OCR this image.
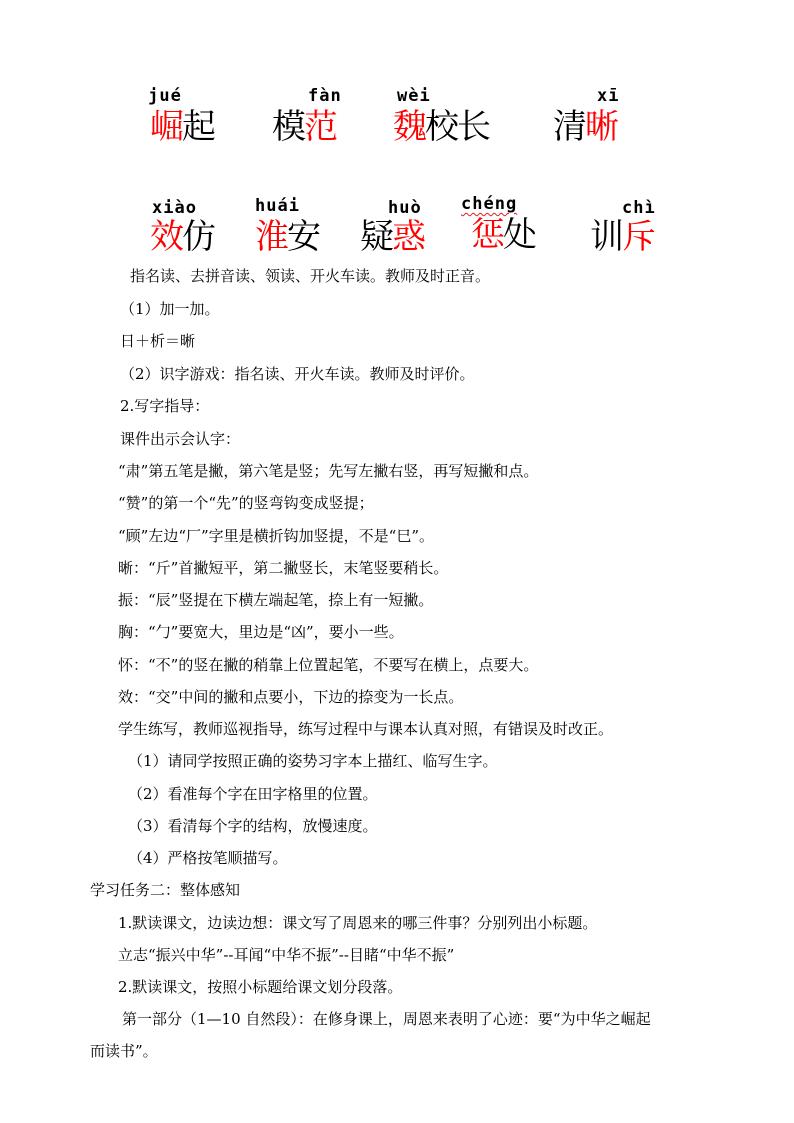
jué
崛起
fàn
模范
wèi
魏校长
xī
清晰
xiào
效仿
huái
淮安
huò
疑惑
chéng
惩处
chì
训斥
指名读、去拼音读、领读、开火车读。教师及时正音。
（1）加一加。
日＋析＝晰
（2）识字游戏：指名读、开火车读。教师及时评价。
2.写字指导：
课件出示会认字：
“肃”第五笔是撇，第六笔是竖；先写左撇右竖，再写短撇和点。
“赞”的第一个“先”的竖弯钩变成竖提；
“顾”左边“厂”字里是横折钩加竖提，不是“巳”。
晰：“斤”首撇短平，第二撇竖长，末笔竖要稍长。
振：“辰”竖提在下横左端起笔，捺上有一短撇。
胸：“勹”要宽大，里边是“凶”，要小一些。
怀：“不”的竖在撇的稍靠上位置起笔，不要写在横上，点要大。
效：“交”中间的撇和点要小，下边的捺变为一长点。
学生练写，教师巡视指导，练写过程中与课本认真对照，有错误及时改正。
（1）请同学按照正确的姿势习字本上描红、临写生字。
（2）看准每个字在田字格里的位置。
（3）看清每个字的结构，放慢速度。
（4）严格按笔顺描写。
学习任务二：整体感知
1.默读课文，边读边想：课文写了周恩来的哪三件事？分别列出小标题。
立志“振兴中华”--耳闻“中华不振”--目睹“中华不振”
2.默读课文，按照小标题给课文划分段落。
第一部分（1—10 自然段）：在修身课上，周恩来表明了心迹：要“为中华之崛起
而读书”。
